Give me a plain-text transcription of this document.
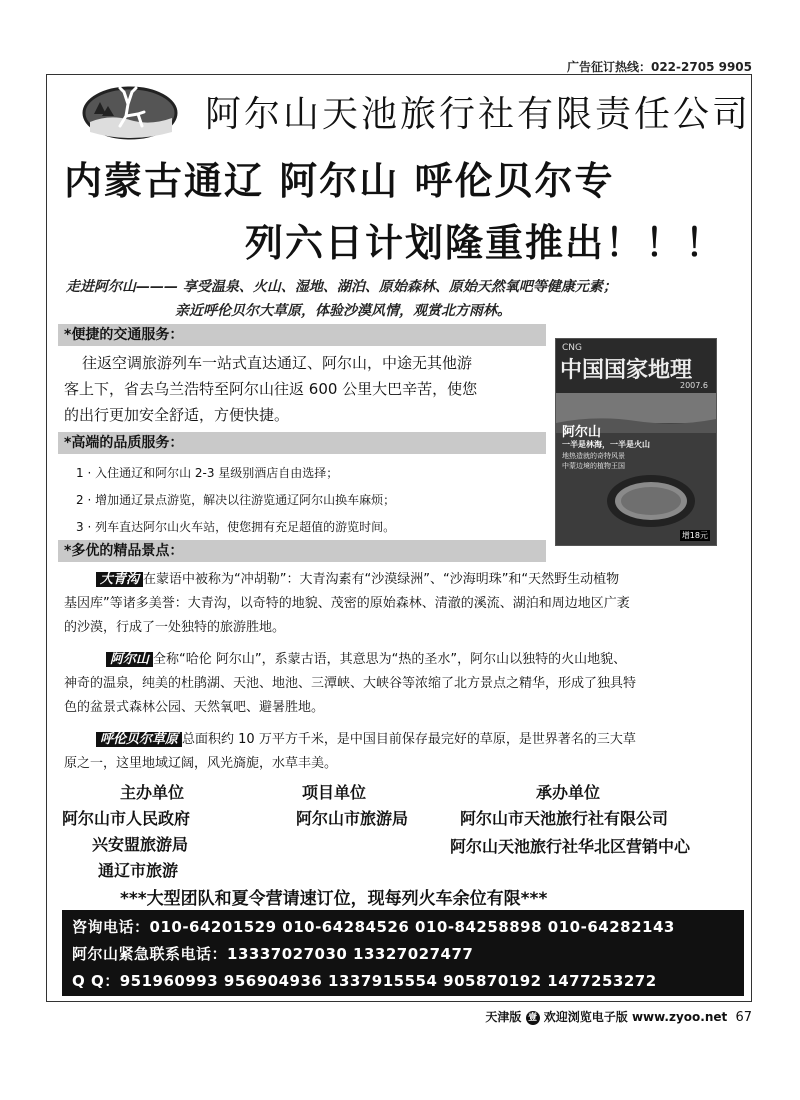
广告征订热线：022-2705 9905
阿尔山天池旅行社有限责任公司
内蒙古通辽 阿尔山 呼伦贝尔专
列六日计划隆重推出！！！
走进阿尔山——— 享受温泉、火山、湿地、湖泊、原始森林、原始天然氧吧等健康元素；
亲近呼伦贝尔大草原，体验沙漠风情，观赏北方雨林。
*便捷的交通服务：
往返空调旅游列车一站式直达通辽、阿尔山，中途无其他游
客上下，省去乌兰浩特至阿尔山往返 600 公里大巴辛苦，使您
的出行更加安全舒适，方便快捷。
*高端的品质服务：
1 · 入住通辽和阿尔山 2-3 星级别酒店自由选择；
2 · 增加通辽景点游览，解决以往游览通辽阿尔山换车麻烦；
3 · 列车直达阿尔山火车站，使您拥有充足超值的游览时间。
*多优的精品景点：
大青沟 在蒙语中被称为“冲胡勒”：大青沟素有“沙漠绿洲”、“沙海明珠”和“天然野生动植物
基因库”等诸多美誉：大青沟，以奇特的地貌、茂密的原始森林、清澈的溪流、湖泊和周边地区广袤
的沙漠，行成了一处独特的旅游胜地。
阿尔山 全称“哈伦 阿尔山”，系蒙古语，其意思为“热的圣水”，阿尔山以独特的火山地貌、
神奇的温泉，纯美的杜鹃湖、天池、地池、三潭峡、大峡谷等浓缩了北方景点之精华，形成了独具特
色的盆景式森林公园、天然氧吧、避暑胜地。
呼伦贝尔草原 总面积约 10 万平方千米，是中国目前保存最完好的草原，是世界著名的三大草
原之一，这里地域辽阔，风光旖旎，水草丰美。
主办单位
阿尔山市人民政府
兴安盟旅游局
通辽市旅游
项目单位
阿尔山市旅游局
承办单位
阿尔山市天池旅行社有限公司
阿尔山天池旅行社华北区营销中心
***大型团队和夏令营请速订位，现每列火车余位有限***
咨询电话：010-64201529 010-64284526 010-84258898 010-64282143
阿尔山紧急联系电话：13337027030 13327027477
Q Q：951960993 956904936 1337915554 905870192 1477253272
CNG
中国国家地理
2007.6
阿尔山
一半是林海，一半是火山
地热造就的奇特风景
中蒙边境的植物王国
增18元
天津版 壹 欢迎浏览电子版 www.zyoo.net 67
